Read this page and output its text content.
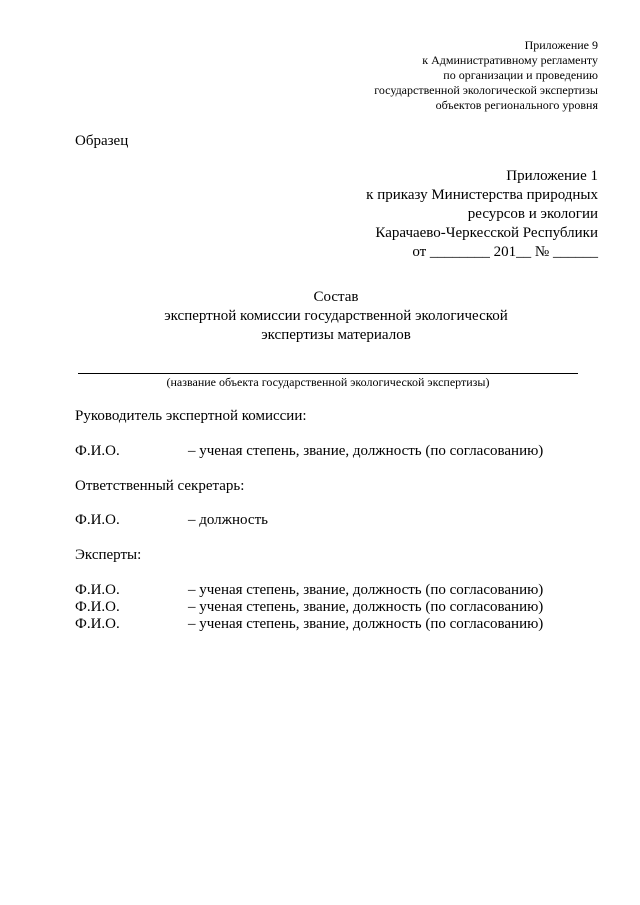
Приложение 9
к Административному регламенту
по организации и проведению
государственной экологической экспертизы
объектов регионального уровня
Образец
Приложение 1
к приказу Министерства природных
ресурсов и экологии
Карачаево-Черкесской Республики
от ________ 201__ № ______
Состав
экспертной комиссии государственной экологической
экспертизы материалов
(название объекта государственной экологической экспертизы)
Руководитель экспертной комиссии:
Ф.И.О.	– ученая степень, звание, должность (по согласованию)
Ответственный секретарь:
Ф.И.О.	– должность
Эксперты:
Ф.И.О.	– ученая степень, звание, должность (по согласованию)
Ф.И.О.	– ученая степень, звание, должность (по согласованию)
Ф.И.О.	– ученая степень, звание, должность (по согласованию)
